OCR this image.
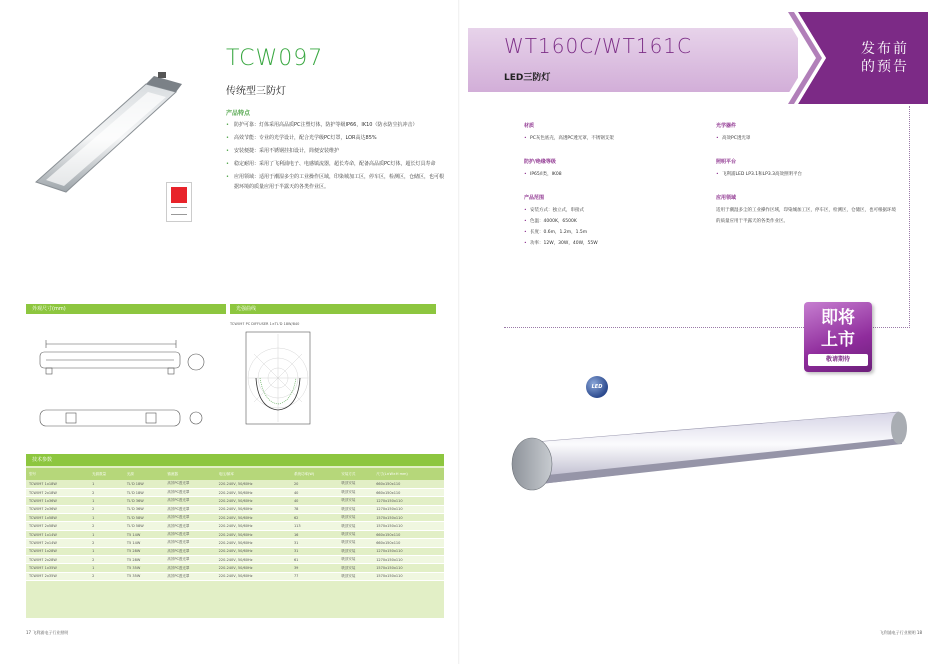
TCW097
传统型三防灯
产品特点
• 防护可靠：灯体采用高品质PC注塑灯体，防护等级IP66，IK10（防水防尘抗冲击）
• 高效节能：专业的光学设计，配合光学级PC灯罩，LOR高达85%
• 安装便捷：采用不锈钢挂扣设计，简便安装维护
• 稳定耐用：采用了飞利浦电子、电感镇流器，超长寿命，配备高品质PC灯体，超长灯具寿命
• 应用领域：适用于潮湿多尘的工业操作区域，印染城加工区，停车区，检测区，仓储区，也可根据环境的质量应用于半露天的各类作业区。
外观尺寸(mm)	光强曲线
TCW097 PC DIFFUSER 1×TL'D 18W/840
技术参数
型号	光源数量	光源	镇流器	电压/频率	系统功率(W)	安装方式	尺寸(L×W×H mm)
TCW097 1x18W	1	TL'D 18W	高效PC透光罩	220-240V, 50/60Hz	20	吸顶安装	660x150x110
TCW097 2x18W	2	TL'D 18W	高效PC透光罩	220-240V, 50/60Hz	40	吸顶安装	660x150x110
TCW097 1x36W	1	TL'D 36W	高效PC透光罩	220-240V, 50/60Hz	40	吸顶安装	1270x150x110
TCW097 2x36W	2	TL'D 36W	高效PC透光罩	220-240V, 50/60Hz	78	吸顶安装	1270x150x110
TCW097 1x58W	1	TL'D 58W	高效PC透光罩	220-240V, 50/60Hz	62	吸顶安装	1570x150x110
TCW097 2x58W	2	TL'D 58W	高效PC透光罩	220-240V, 50/60Hz	113	吸顶安装	1570x150x110
TCW097 1x14W	1	T5 14W	高效PC透光罩	220-240V, 50/60Hz	16	吸顶安装	660x150x110
TCW097 2x14W	2	T5 14W	高效PC透光罩	220-240V, 50/60Hz	31	吸顶安装	660x150x110
TCW097 1x28W	1	T5 28W	高效PC透光罩	220-240V, 50/60Hz	31	吸顶安装	1270x150x110
TCW097 2x28W	2	T5 28W	高效PC透光罩	220-240V, 50/60Hz	61	吸顶安装	1270x150x110
TCW097 1x35W	1	T5 35W	高效PC透光罩	220-240V, 50/60Hz	39	吸顶安装	1570x150x110
TCW097 2x35W	2	T5 35W	高效PC透光罩	220-240V, 50/60Hz	77	吸顶安装	1570x150x110
17 飞利浦电子行业照明
WT160C/WT161C
LED三防灯
发布前
的预告
材质
• PC灰色底壳，高透PC透光罩，不锈钢支架
防护/绝缘等级
• IP65/I类，IK08
产品范围
• 安装方式：独立式，串接式
• 色温：4000K，6500K
• 长度：0.6m，1.2m，1.5m
• 功率：12W，30W，40W，55W
光学器件
• 高效PC透光罩
照明平台
• 飞利浦LED LP3.1和LP3.3高效照明平台
应用领域
适用于潮湿多尘的工业操作区域，印染城加工区，停车区，检测区，仓储区，也可根据环境的质量应用于半露天的各类作业区。
即将
上市
敬请期待
LED
飞利浦电子行业照明 18
